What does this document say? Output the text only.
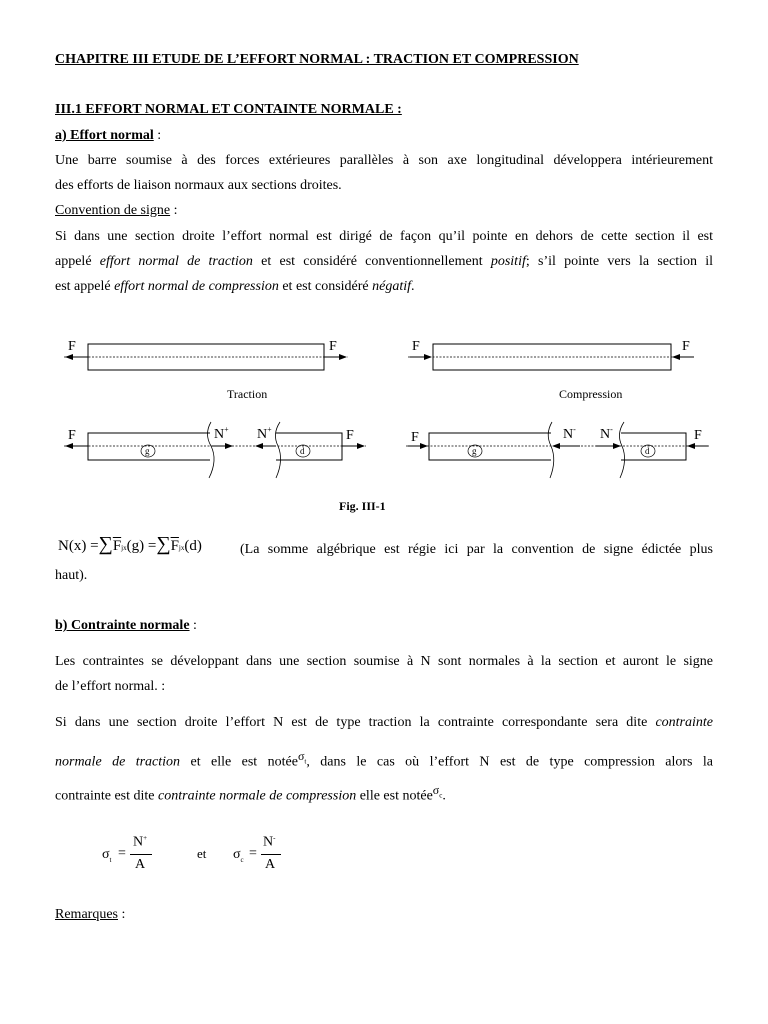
CHAPITRE III ETUDE DE L’EFFORT NORMAL : TRACTION ET COMPRESSION
III.1 EFFORT NORMAL ET CONTAINTE NORMALE :
a) Effort normal :
Une barre soumise à des forces extérieures parallèles à son axe longitudinal développera intérieurement
des efforts de liaison normaux aux sections droites.
Convention de signe :
Si dans une section droite l’effort normal est dirigé de façon qu’il pointe en dehors de cette section il est
appelé effort normal de traction et est considéré conventionnellement positif; s’il pointe vers la section il
est appelé effort normal de compression et est considéré négatif.
F	F
Traction
F	F
Compression
F	F
N+ N+
g	d
F	F
N- N-
g	d
Fig. III-1
$N(x) =\sum\overline{F}jx(g) =\sum\overline{F}jx(d)$	(La somme algébrique est régie ici par la convention de signe édictée plus
haut).
b) Contrainte normale :
Les contraintes se développant dans une section soumise à N sont normales à la section et auront le signe
de l’effort normal. :
Si dans une section droite l’effort N est de type traction la contrainte correspondante sera dite contrainte
normale de traction et elle est notée$^{\sigma_t}$, dans le cas où l’effort N est de type compression alors la
contrainte est dite contrainte normale de compression elle est notée$^{\sigma_c}$.
$\sigma_t$ =
N+
A
et $\sigma_c$ =
N-
A
Remarques :
